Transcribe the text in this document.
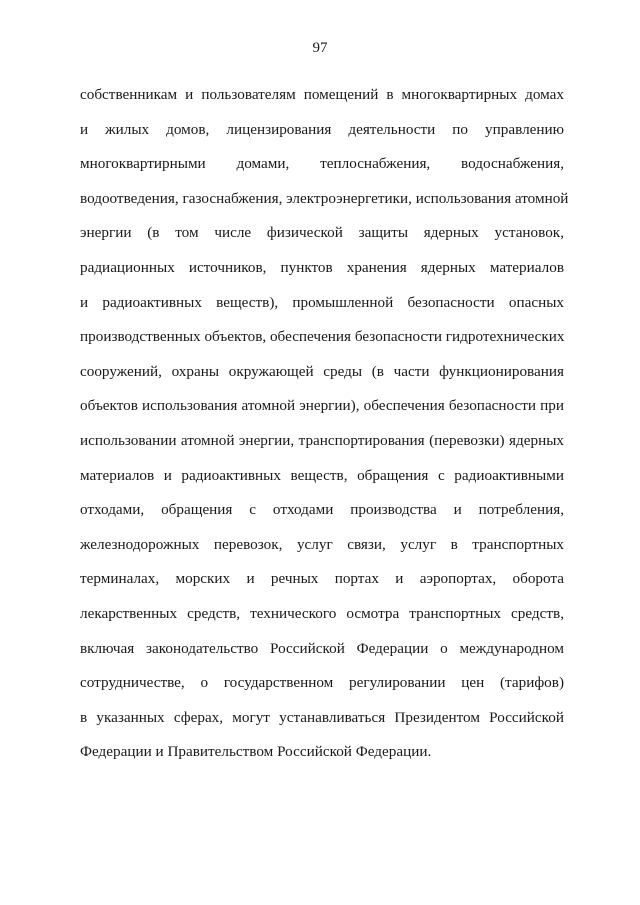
97
собственникам и пользователям помещений в многоквартирных домах
и жилых домов, лицензирования деятельности по управлению
многоквартирными домами, теплоснабжения, водоснабжения,
водоотведения, газоснабжения, электроэнергетики, использования атомной
энергии (в том числе физической защиты ядерных установок,
радиационных источников, пунктов хранения ядерных материалов
и радиоактивных веществ), промышленной безопасности опасных
производственных объектов, обеспечения безопасности гидротехнических
сооружений, охраны окружающей среды (в части функционирования
объектов использования атомной энергии), обеспечения безопасности при
использовании атомной энергии, транспортирования (перевозки) ядерных
материалов и радиоактивных веществ, обращения с радиоактивными
отходами, обращения с отходами производства и потребления,
железнодорожных перевозок, услуг связи, услуг в транспортных
терминалах, морских и речных портах и аэропортах, оборота
лекарственных средств, технического осмотра транспортных средств,
включая законодательство Российской Федерации о международном
сотрудничестве, о государственном регулировании цен (тарифов)
в указанных сферах, могут устанавливаться Президентом Российской
Федерации и Правительством Российской Федерации.
